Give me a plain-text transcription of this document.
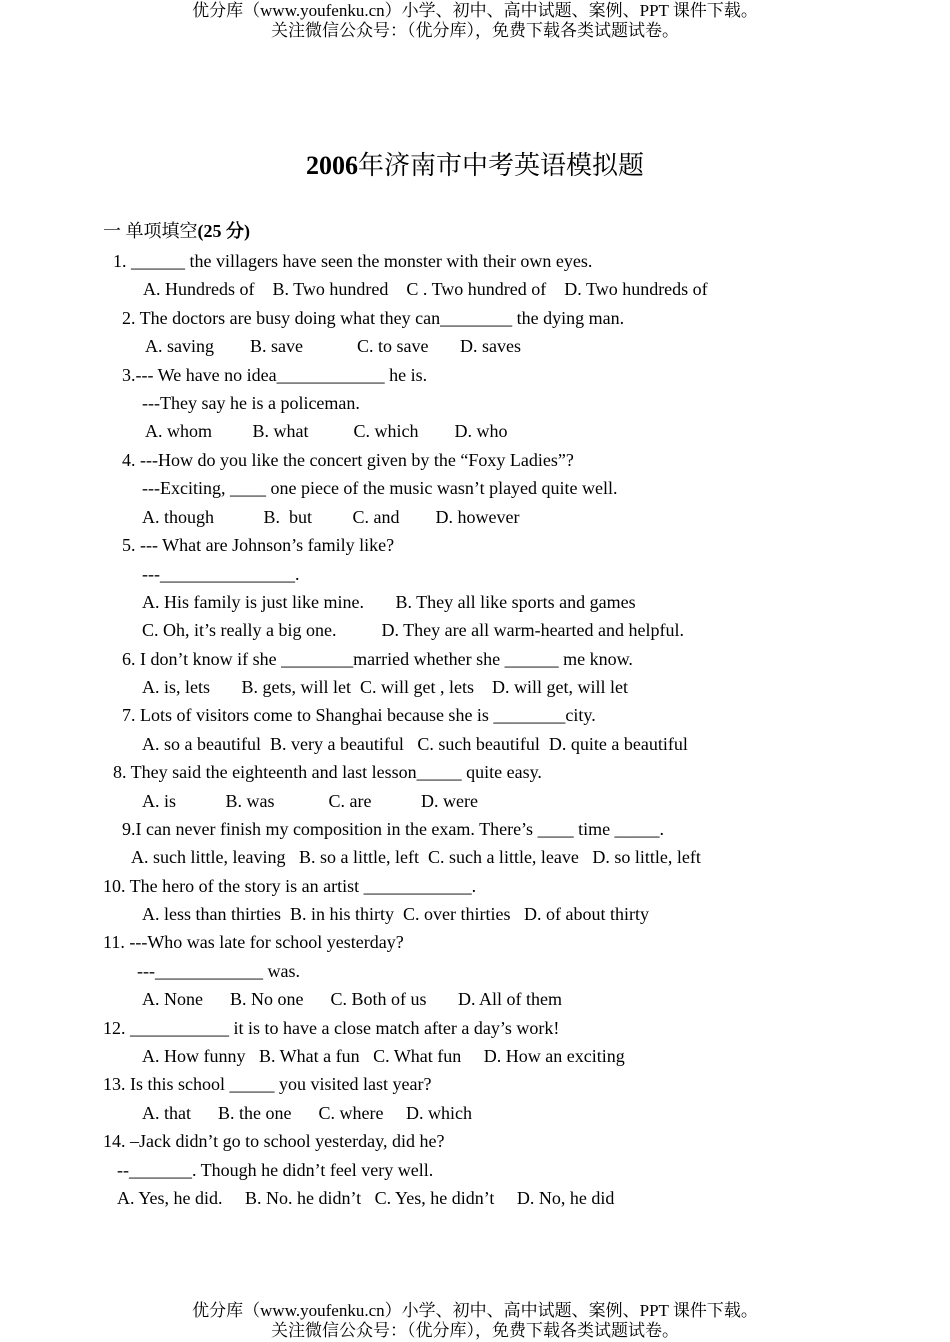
优分库（www.youfenku.cn）小学、初中、高中试题、案例、PPT 课件下载。
关注微信公众号：（优分库），免费下载各类试题试卷。
2006年济南市中考英语模拟题
一 单项填空(25 分)
1. ______ the villagers have seen the monster with their own eyes.
A. Hundreds of    B. Two hundred    C . Two hundred of    D. Two hundreds of
2. The doctors are busy doing what they can________ the dying man.
A. saving        B. save            C. to save       D. saves
3.--- We have no idea____________ he is.
---They say he is a policeman.
A. whom         B. what          C. which        D. who
4. ---How do you like the concert given by the “Foxy Ladies”?
---Exciting, ____ one piece of the music wasn’t played quite well.
A. though           B.  but         C. and        D. however
5. --- What are Johnson’s family like?
---_______________.
A. His family is just like mine.       B. They all like sports and games
C. Oh, it’s really a big one.          D. They are all warm-hearted and helpful.
6. I don’t know if she ________married whether she ______ me know.
A. is, lets       B. gets, will let  C. will get , lets    D. will get, will let
7. Lots of visitors come to Shanghai because she is ________city.
A. so a beautiful  B. very a beautiful   C. such beautiful  D. quite a beautiful
8. They said the eighteenth and last lesson_____ quite easy.
A. is           B. was            C. are           D. were
9.I can never finish my composition in the exam. There’s ____ time _____.
A. such little, leaving   B. so a little, left  C. such a little, leave   D. so little, left
10. The hero of the story is an artist ____________.
A. less than thirties  B. in his thirty  C. over thirties   D. of about thirty
11. ---Who was late for school yesterday?
---____________ was.
A. None      B. No one      C. Both of us       D. All of them
12. ___________ it is to have a close match after a day’s work!
A. How funny   B. What a fun   C. What fun     D. How an exciting
13. Is this school _____ you visited last year?
A. that      B. the one      C. where     D. which
14. –Jack didn’t go to school yesterday, did he?
--_______. Though he didn’t feel very well.
A. Yes, he did.     B. No. he didn’t   C. Yes, he didn’t     D. No, he did
优分库（www.youfenku.cn）小学、初中、高中试题、案例、PPT 课件下载。
关注微信公众号：（优分库），免费下载各类试题试卷。
